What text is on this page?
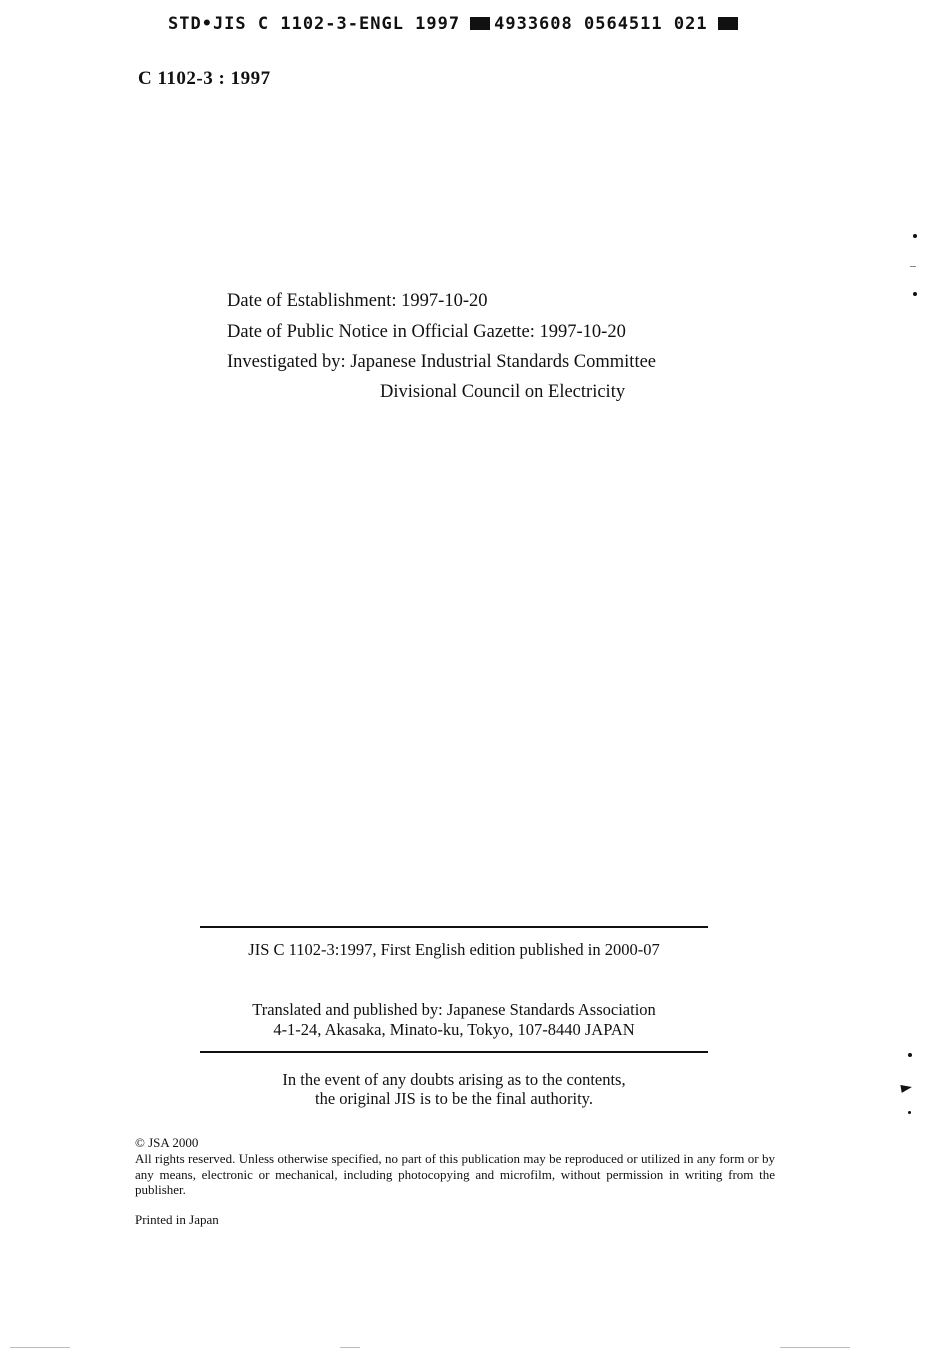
STD•JIS C 1102-3-ENGL 1997 4933608 0564511 021
C 1102-3 : 1997
Date of Establishment: 1997-10-20
Date of Public Notice in Official Gazette: 1997-10-20
Investigated by: Japanese Industrial Standards Committee
Divisional Council on Electricity
JIS C 1102-3:1997, First English edition published in 2000-07
Translated and published by: Japanese Standards Association
4-1-24, Akasaka, Minato-ku, Tokyo, 107-8440 JAPAN
In the event of any doubts arising as to the contents,
the original JIS is to be the final authority.
© JSA 2000
All rights reserved. Unless otherwise specified, no part of this publication may be reproduced or utilized in any form or by any means, electronic or mechanical, including photocopying and microfilm, without permission in writing from the publisher.
Printed in Japan
